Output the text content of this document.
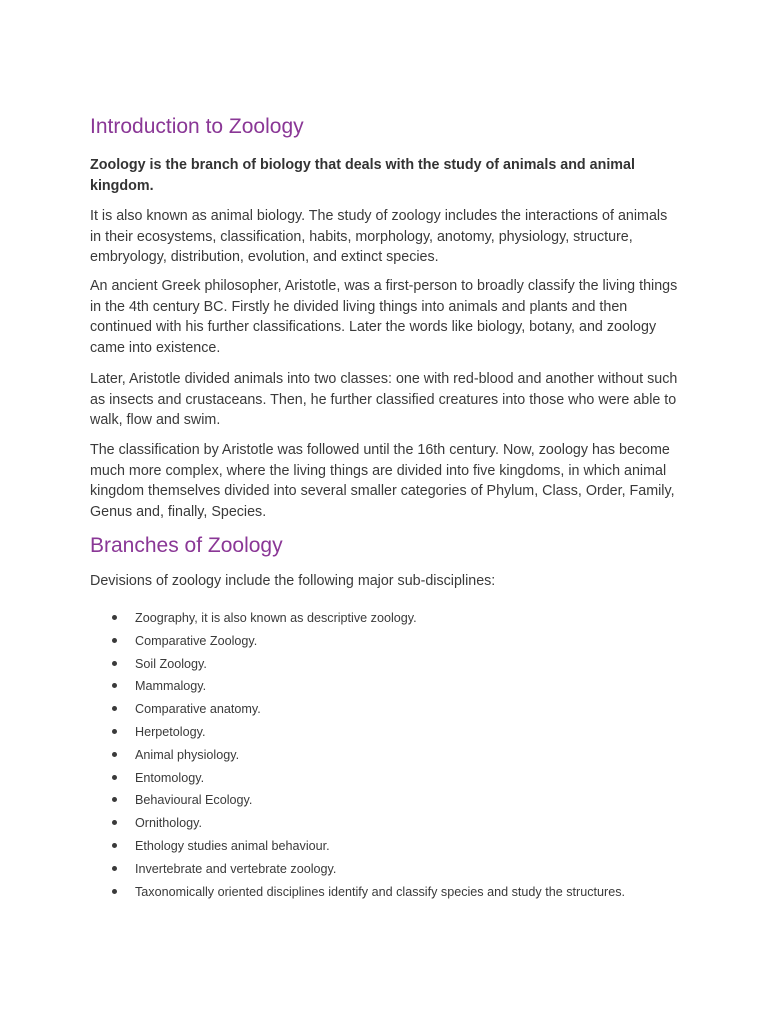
Introduction to Zoology

Zoology is the branch of biology that deals with the study of animals and animal kingdom.

It is also known as animal biology. The study of zoology includes the interactions of animals in their ecosystems, classification, habits, morphology, anotomy, physiology, structure, embryology, distribution, evolution, and extinct species.

An ancient Greek philosopher, Aristotle, was a first-person to broadly classify the living things in the 4th century BC. Firstly he divided living things into animals and plants and then continued with his further classifications. Later the words like biology, botany, and zoology came into existence.

Later, Aristotle divided animals into two classes: one with red-blood and another without such as insects and crustaceans. Then, he further classified creatures into those who were able to walk, flow and swim.

The classification by Aristotle was followed until the 16th century. Now, zoology has become much more complex, where the living things are divided into five kingdoms, in which animal kingdom themselves divided into several smaller categories of Phylum, Class, Order, Family, Genus and, finally, Species.

Branches of Zoology

Devisions of zoology include the following major sub-disciplines:

Zoography, it is also known as descriptive zoology.
Comparative Zoology.
Soil Zoology.
Mammalogy.
Comparative anatomy.
Herpetology.
Animal physiology.
Entomology.
Behavioural Ecology.
Ornithology.
Ethology studies animal behaviour.
Invertebrate and vertebrate zoology.
Taxonomically oriented disciplines identify and classify species and study the structures.
